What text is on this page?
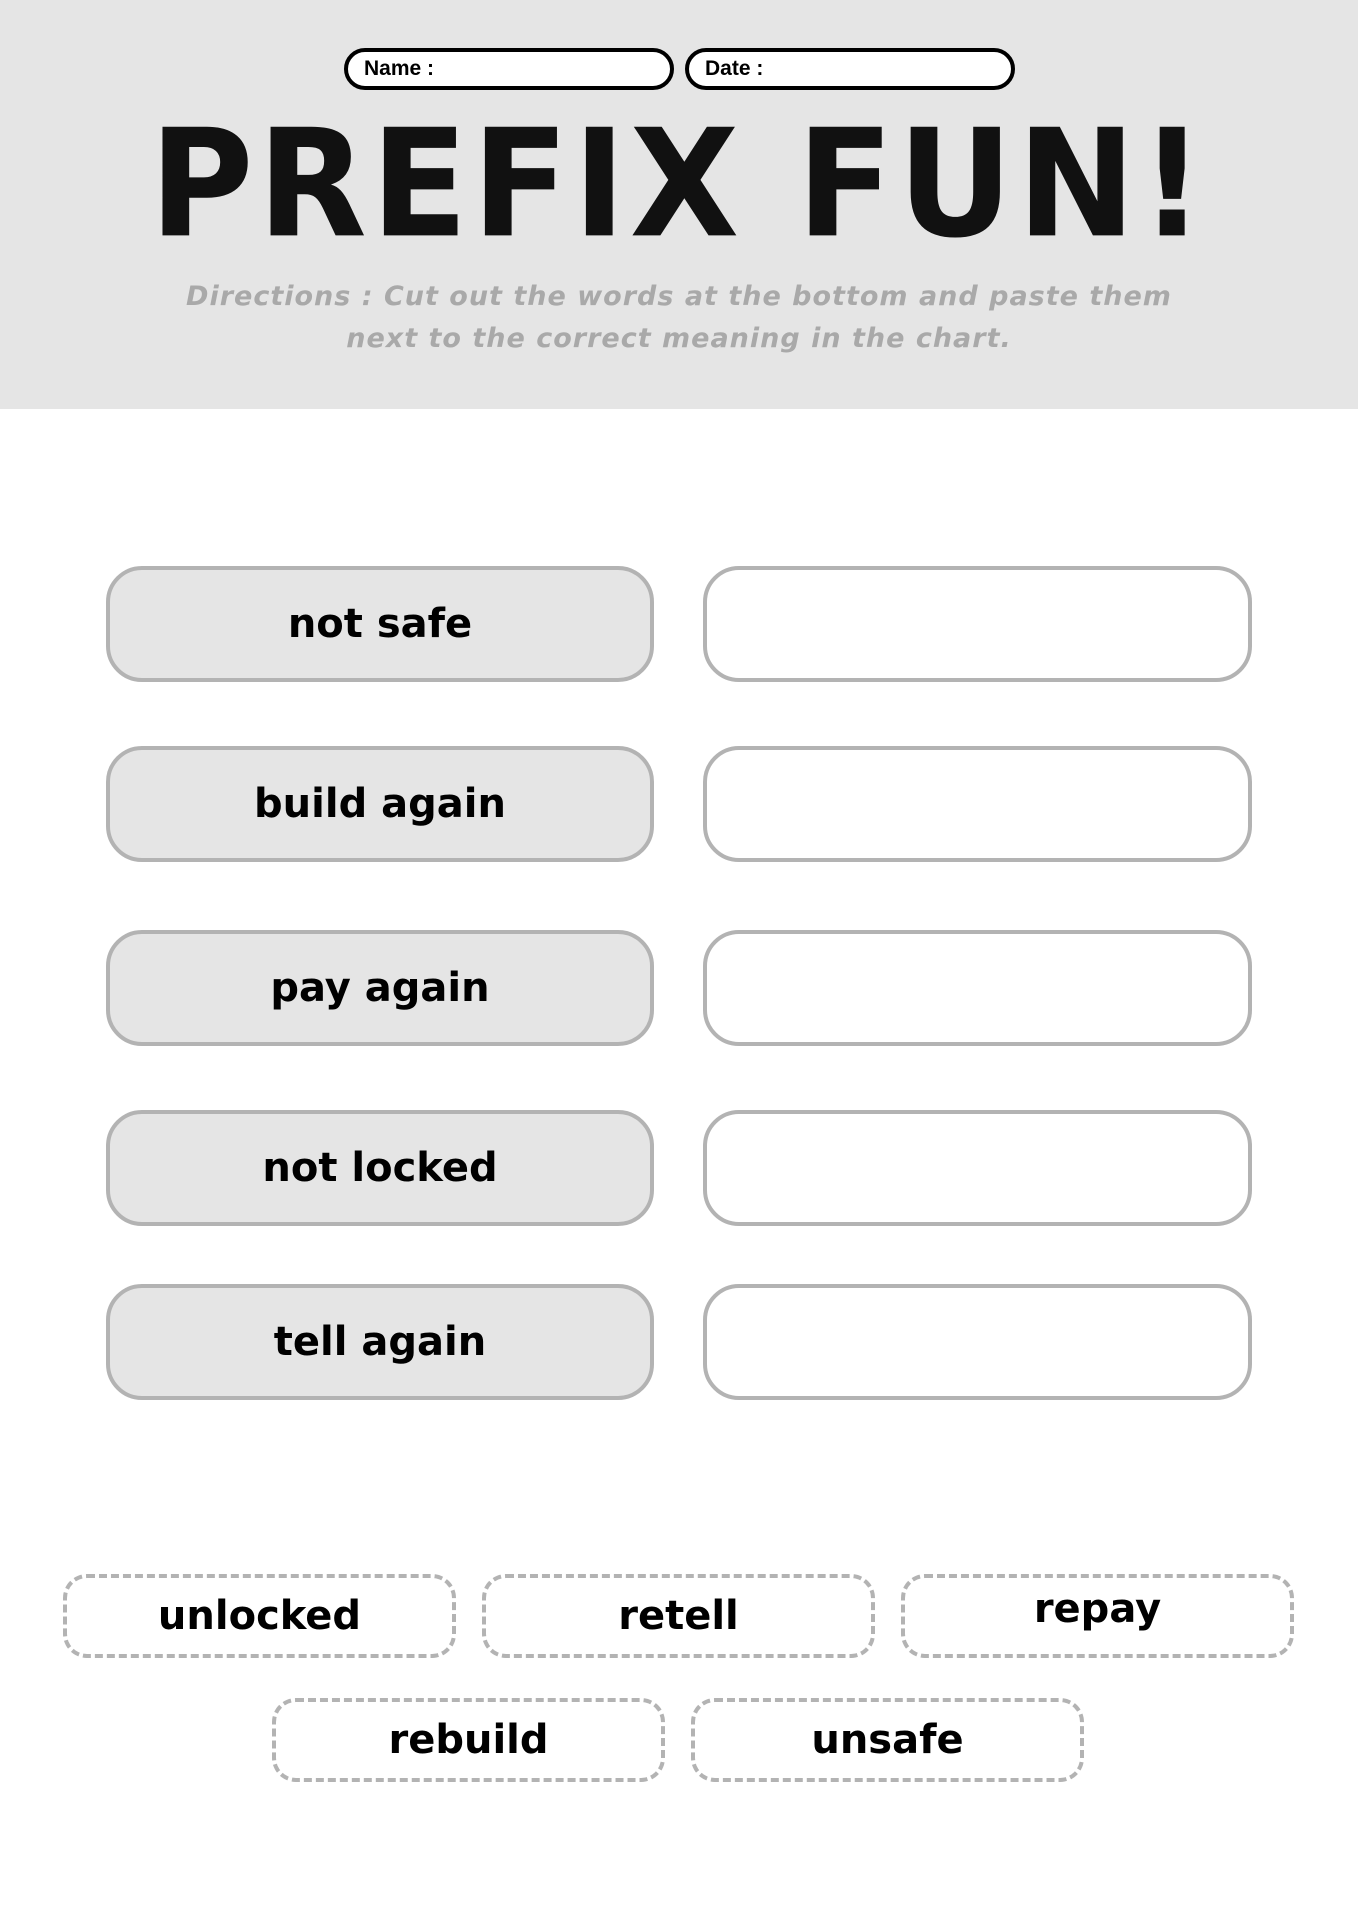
Name :	Date :
PREFIX FUN!
Directions : Cut out the words at the bottom and paste them next to the correct meaning in the chart.
not safe
build again
pay again
not locked
tell again
unlocked	retell	repay
rebuild	unsafe
